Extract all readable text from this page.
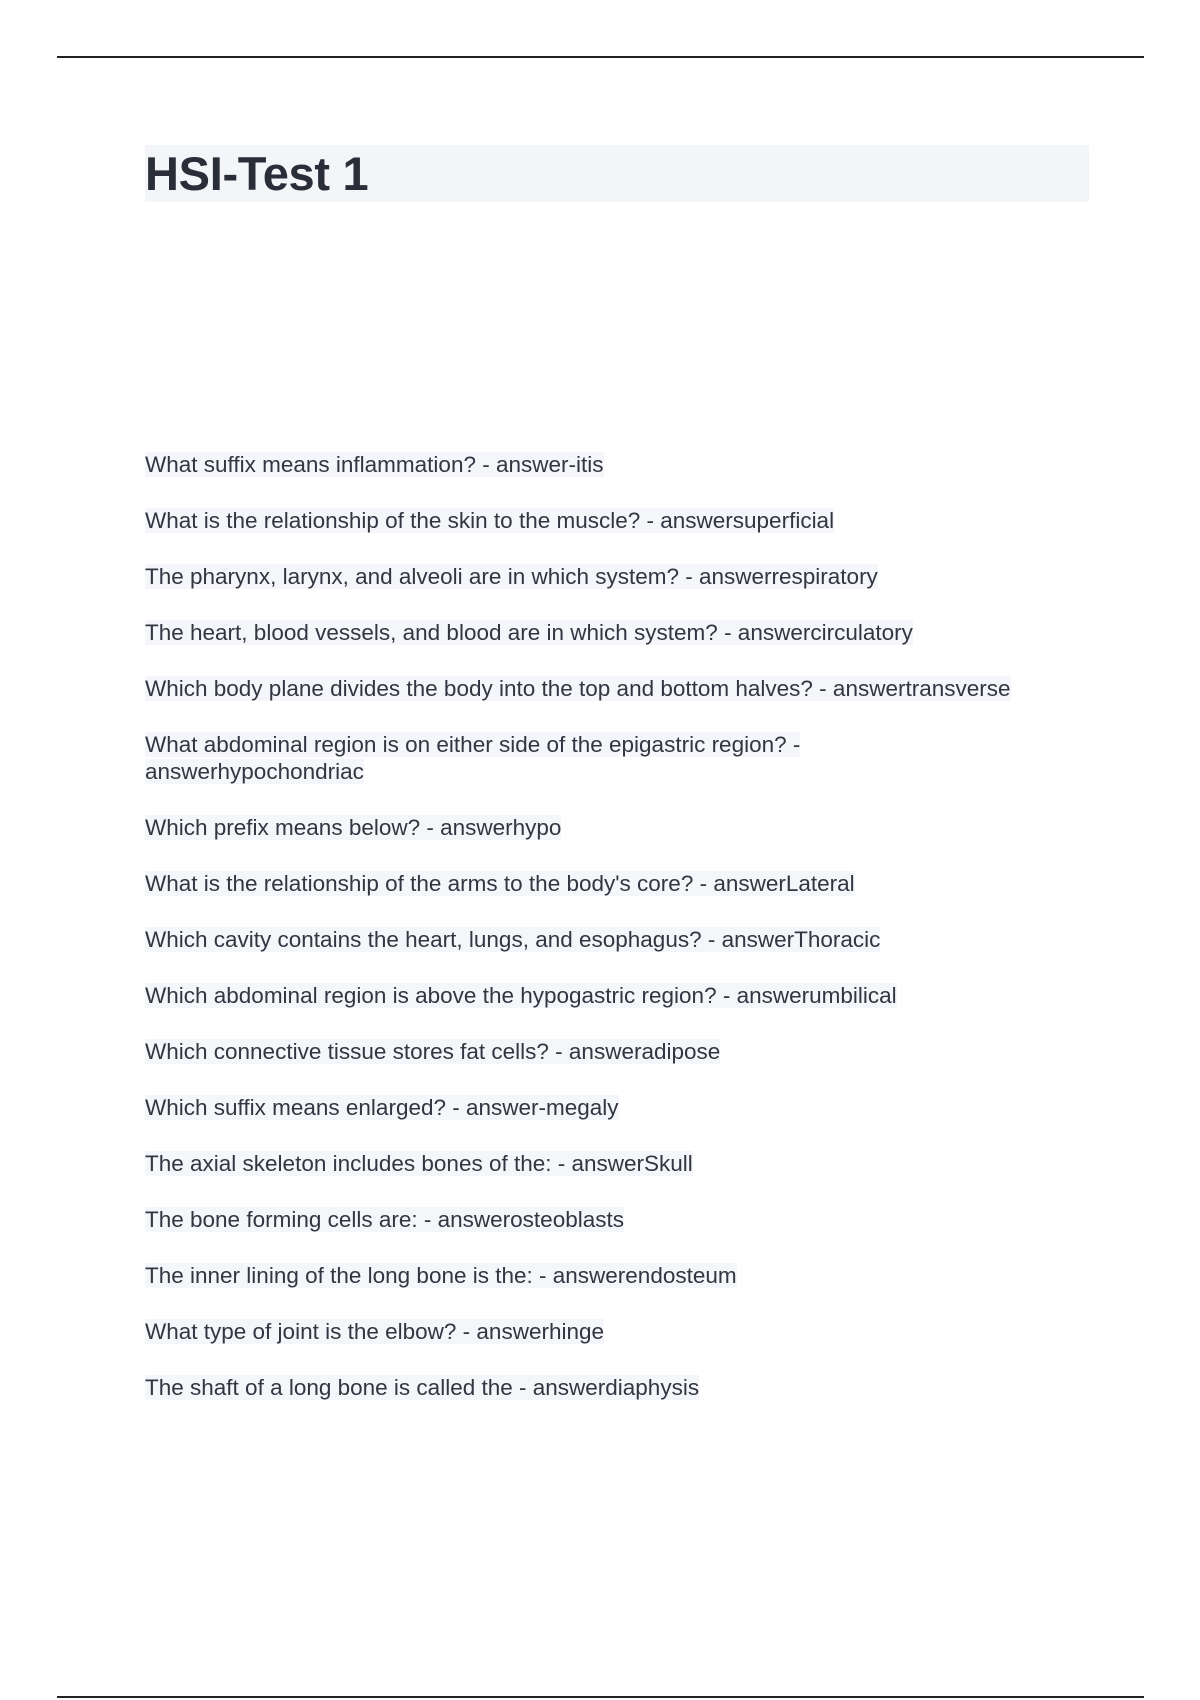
HSI-Test 1
What suffix means inflammation? - answer-itis
What is the relationship of the skin to the muscle? - answersuperficial
The pharynx, larynx, and alveoli are in which system? - answerrespiratory
The heart, blood vessels, and blood are in which system? - answercirculatory
Which body plane divides the body into the top and bottom halves? - answertransverse
What abdominal region is on either side of the epigastric region? - answerhypochondriac
Which prefix means below? - answerhypo
What is the relationship of the arms to the body's core? - answerLateral
Which cavity contains the heart, lungs, and esophagus? - answerThoracic
Which abdominal region is above the hypogastric region? - answerumbilical
Which connective tissue stores fat cells? - answeradipose
Which suffix means enlarged? - answer-megaly
The axial skeleton includes bones of the: - answerSkull
The bone forming cells are: - answerosteoblasts
The inner lining of the long bone is the: - answerendosteum
What type of joint is the elbow? - answerhinge
The shaft of a long bone is called the - answerdiaphysis
